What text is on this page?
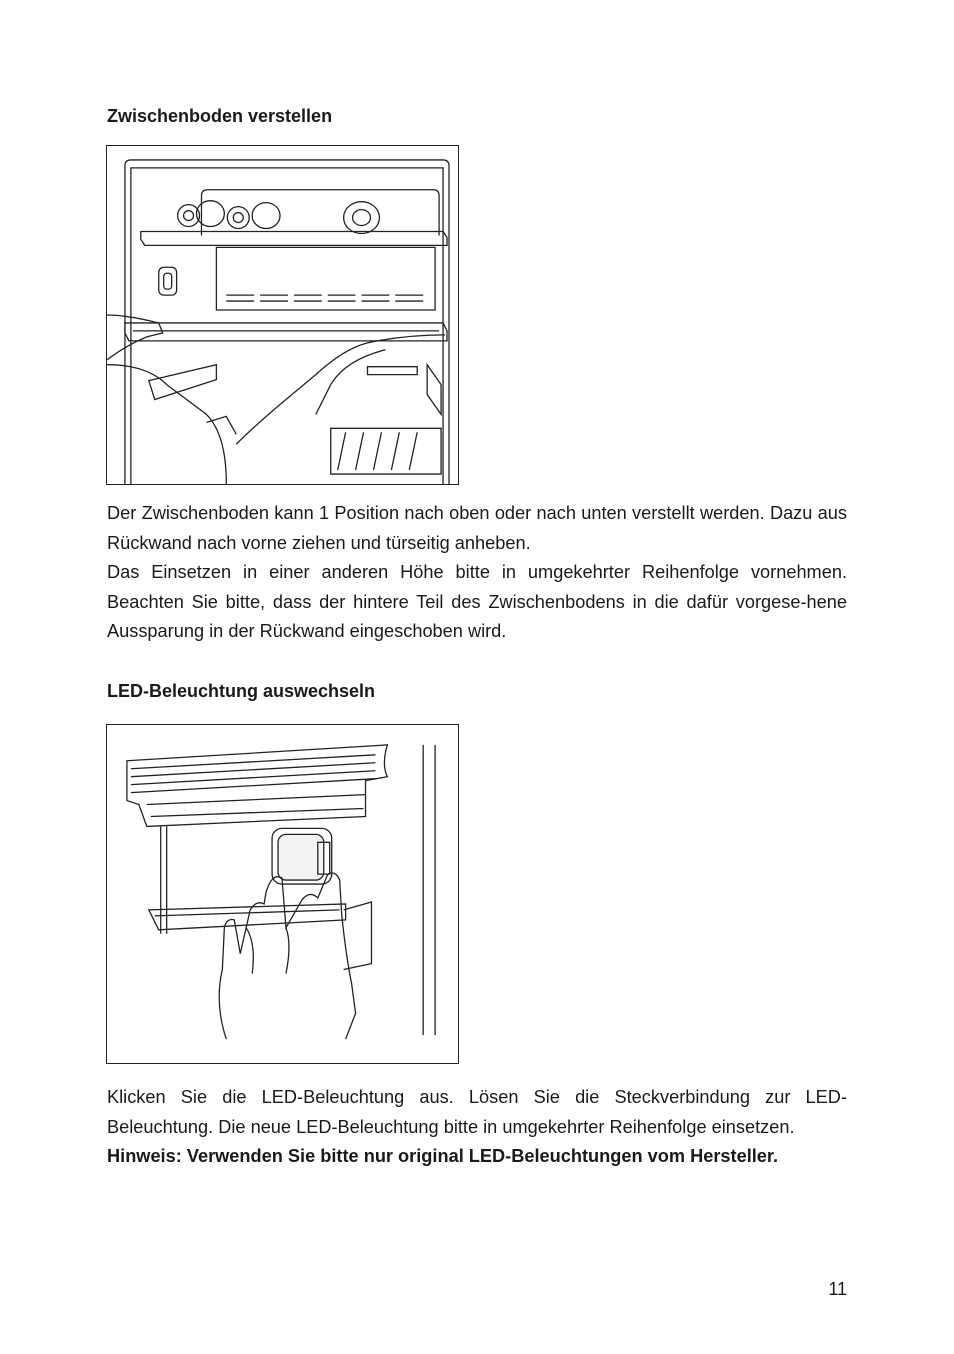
Zwischenboden verstellen

Der Zwischenboden kann 1 Position nach oben oder nach unten verstellt werden. Dazu aus Rückwand nach vorne ziehen und türseitig anheben.

Das Einsetzen in einer anderen Höhe bitte in umgekehrter Reihenfolge vornehmen. Beachten Sie bitte, dass der hintere Teil des Zwischenbodens in die dafür vorgese-hene Aussparung in der Rückwand eingeschoben wird.

LED-Beleuchtung auswechseln

Klicken Sie die LED-Beleuchtung aus. Lösen Sie die Steckverbindung zur LED-Beleuchtung. Die neue LED-Beleuchtung bitte in umgekehrter Reihenfolge einsetzen.

Hinweis: Verwenden Sie bitte nur original LED-Beleuchtungen vom Hersteller.

11
